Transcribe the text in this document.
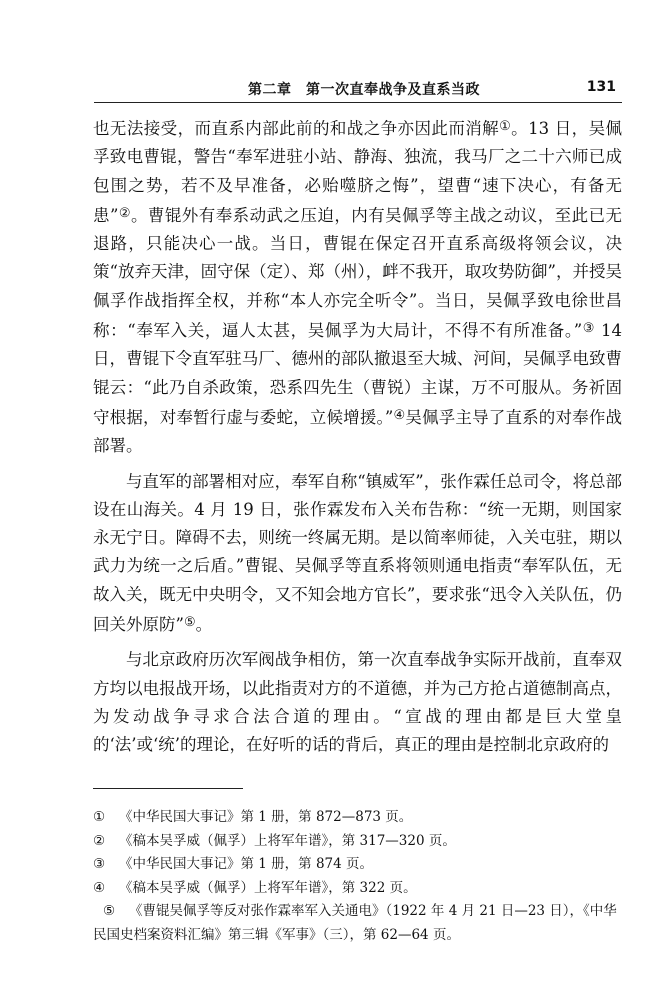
第二章　第一次直奉战争及直系当政	131

也无法接受，而直系内部此前的和战之争亦因此而消解①。13 日，吴佩孚致电曹锟，警告“奉军进驻小站、静海、独流，我马厂之二十六师已成包围之势，若不及早准备，必贻噬脐之悔”，望曹“速下决心，有备无患”②。曹锟外有奉系动武之压迫，内有吴佩孚等主战之动议，至此已无退路，只能决心一战。当日，曹锟在保定召开直系高级将领会议，决策“放弃天津，固守保（定）、郑（州），衅不我开，取攻势防御”，并授吴佩孚作战指挥全权，并称“本人亦完全听令”。当日，吴佩孚致电徐世昌称：“奉军入关，逼人太甚，吴佩孚为大局计，不得不有所准备。”③ 14 日，曹锟下令直军驻马厂、德州的部队撤退至大城、河间，吴佩孚电致曹锟云：“此乃自杀政策，恐系四先生（曹锐）主谋，万不可服从。务祈固守根据，对奉暂行虚与委蛇，立候增援。”④吴佩孚主导了直系的对奉作战部署。

与直军的部署相对应，奉军自称“镇威军”，张作霖任总司令，将总部设在山海关。4 月 19 日，张作霖发布入关布告称：“统一无期，则国家永无宁日。障碍不去，则统一终属无期。是以简率师徒，入关屯驻，期以武力为统一之后盾。”曹锟、吴佩孚等直系将领则通电指责“奉军队伍，无故入关，既无中央明令，又不知会地方官长”，要求张“迅令入关队伍，仍回关外原防”⑤。

与北京政府历次军阀战争相仿，第一次直奉战争实际开战前，直奉双方均以电报战开场，以此指责对方的不道德，并为己方抢占道德制高点，为发动战争寻求合法合道的理由。“宣战的理由都是巨大堂皇的‘法’或‘统’的理论，在好听的话的背后，真正的理由是控制北京政府的

① 《中华民国大事记》第 1 册，第 872—873 页。

② 《稿本吴孚威（佩孚）上将军年谱》，第 317—320 页。

③ 《中华民国大事记》第 1 册，第 874 页。

④ 《稿本吴孚威（佩孚）上将军年谱》，第 322 页。

⑤ 《曹锟吴佩孚等反对张作霖率军入关通电》（1922 年 4 月 21 日—23 日），《中华民国史档案资料汇编》第三辑《军事》（三），第 62—64 页。
